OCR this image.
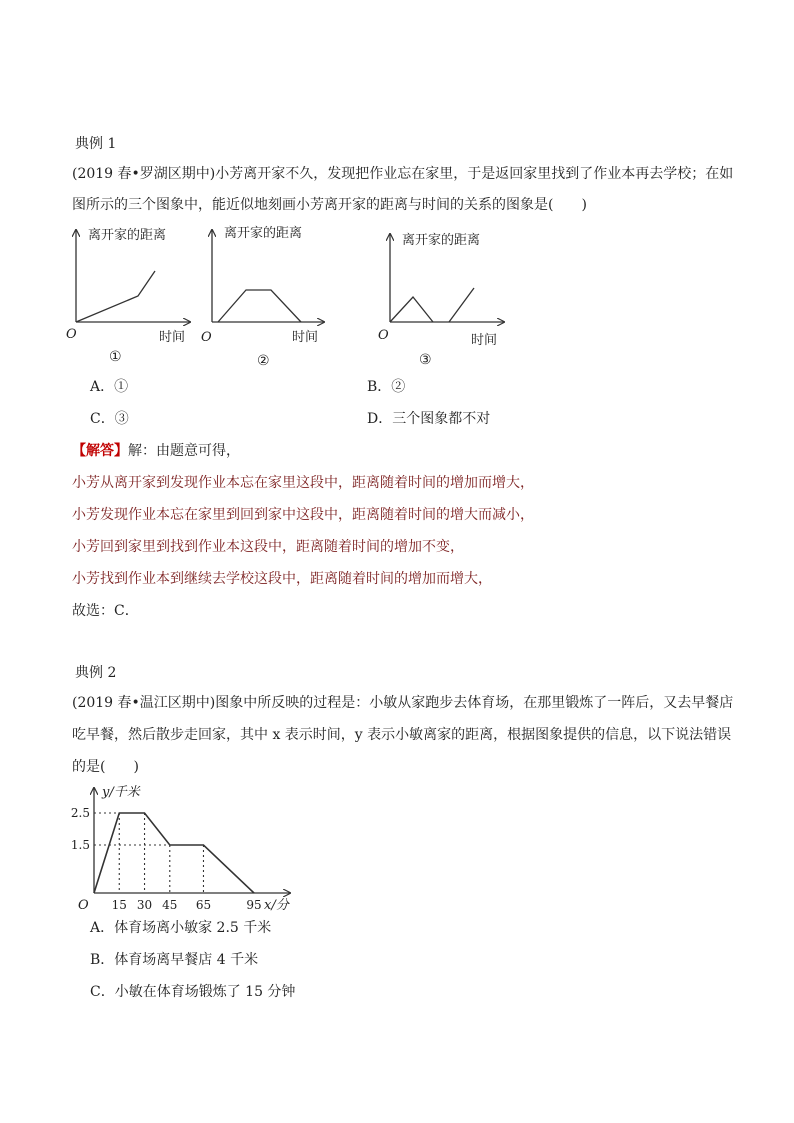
典例 1
(2019 春•罗湖区期中)小芳离开家不久，发现把作业忘在家里，于是返回家里找到了作业本再去学校；在如
图所示的三个图象中，能近似地刻画小芳离开家的距离与时间的关系的图象是(　　)
离开家的距离
O	时间
①
离开家的距离
O	时间
②
离开家的距离
O	时间
③
A．①	B．②
C．③	D．三个图象都不对
【解答】解：由题意可得，
小芳从离开家到发现作业本忘在家里这段中，距离随着时间的增加而增大，
小芳发现作业本忘在家里到回到家中这段中，距离随着时间的增大而减小，
小芳回到家里到找到作业本这段中，距离随着时间的增加不变，
小芳找到作业本到继续去学校这段中，距离随着时间的增加而增大，
故选：C．
典例 2
(2019 春•温江区期中)图象中所反映的过程是：小敏从家跑步去体育场，在那里锻炼了一阵后，又去早餐店
吃早餐，然后散步走回家，其中 x 表示时间，y 表示小敏离家的距离，根据图象提供的信息，以下说法错误
的是(　　)
15 30 45 65	95
2.5
1.5
y/千米
x/分
O
A．体育场离小敏家 2.5 千米
B．体育场离早餐店 4 千米
C．小敏在体育场锻炼了 15 分钟
